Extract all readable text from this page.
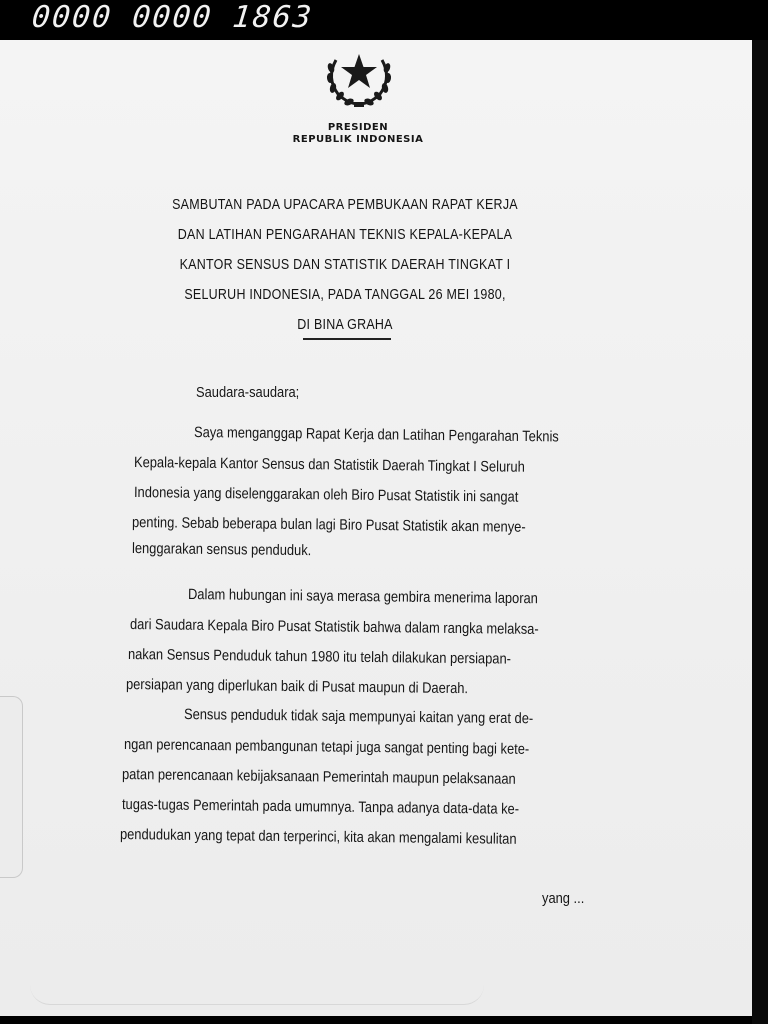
0000 0000 1863
PRESIDEN
REPUBLIK INDONESIA
SAMBUTAN PADA UPACARA PEMBUKAAN RAPAT KERJA
DAN LATIHAN PENGARAHAN TEKNIS KEPALA-KEPALA
KANTOR SENSUS DAN STATISTIK DAERAH TINGKAT I
SELURUH INDONESIA, PADA TANGGAL 26 MEI 1980,
DI BINA GRAHA
Saudara-saudara;
Saya menganggap Rapat Kerja dan Latihan Pengarahan Teknis
Kepala-kepala Kantor Sensus dan Statistik Daerah Tingkat I Seluruh
Indonesia yang diselenggarakan oleh Biro Pusat Statistik ini sangat
penting. Sebab beberapa bulan lagi Biro Pusat Statistik akan menye-
lenggarakan sensus penduduk.
Dalam hubungan ini saya merasa gembira menerima laporan
dari Saudara Kepala Biro Pusat Statistik bahwa dalam rangka melaksa-
nakan Sensus Penduduk tahun 1980 itu telah dilakukan persiapan-
persiapan yang diperlukan baik di Pusat maupun di Daerah.
Sensus penduduk tidak saja mempunyai kaitan yang erat de-
ngan perencanaan pembangunan tetapi juga sangat penting bagi kete-
patan perencanaan kebijaksanaan Pemerintah maupun pelaksanaan
tugas-tugas Pemerintah pada umumnya. Tanpa adanya data-data ke-
pendudukan yang tepat dan terperinci, kita akan mengalami kesulitan
yang ...
